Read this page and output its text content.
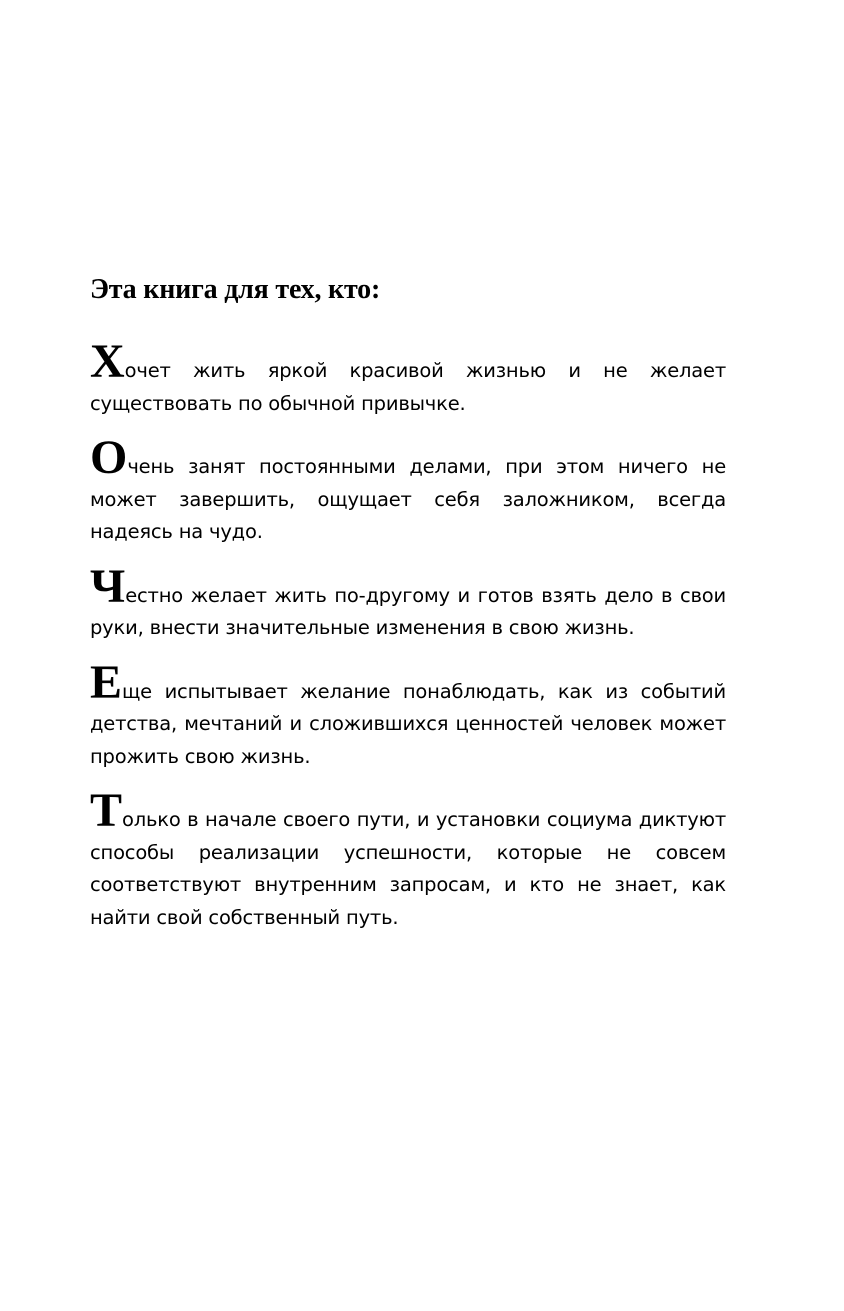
Эта книга для тех, кто:

Хочет жить яркой красивой жизнью и не желает существовать по обычной привычке.

Очень занят постоянными делами, при этом ничего не может завершить, ощущает себя заложником, всегда надеясь на чудо.

Честно желает жить по-другому и готов взять дело в свои руки, внести значительные изменения в свою жизнь.

Еще испытывает желание понаблюдать, как из событий детства, мечтаний и сложившихся ценностей человек может прожить свою жизнь.

Только в начале своего пути, и установки социума диктуют способы реализации успешности, которые не совсем соответствуют внутренним запросам, и кто не знает, как найти свой собственный путь.
